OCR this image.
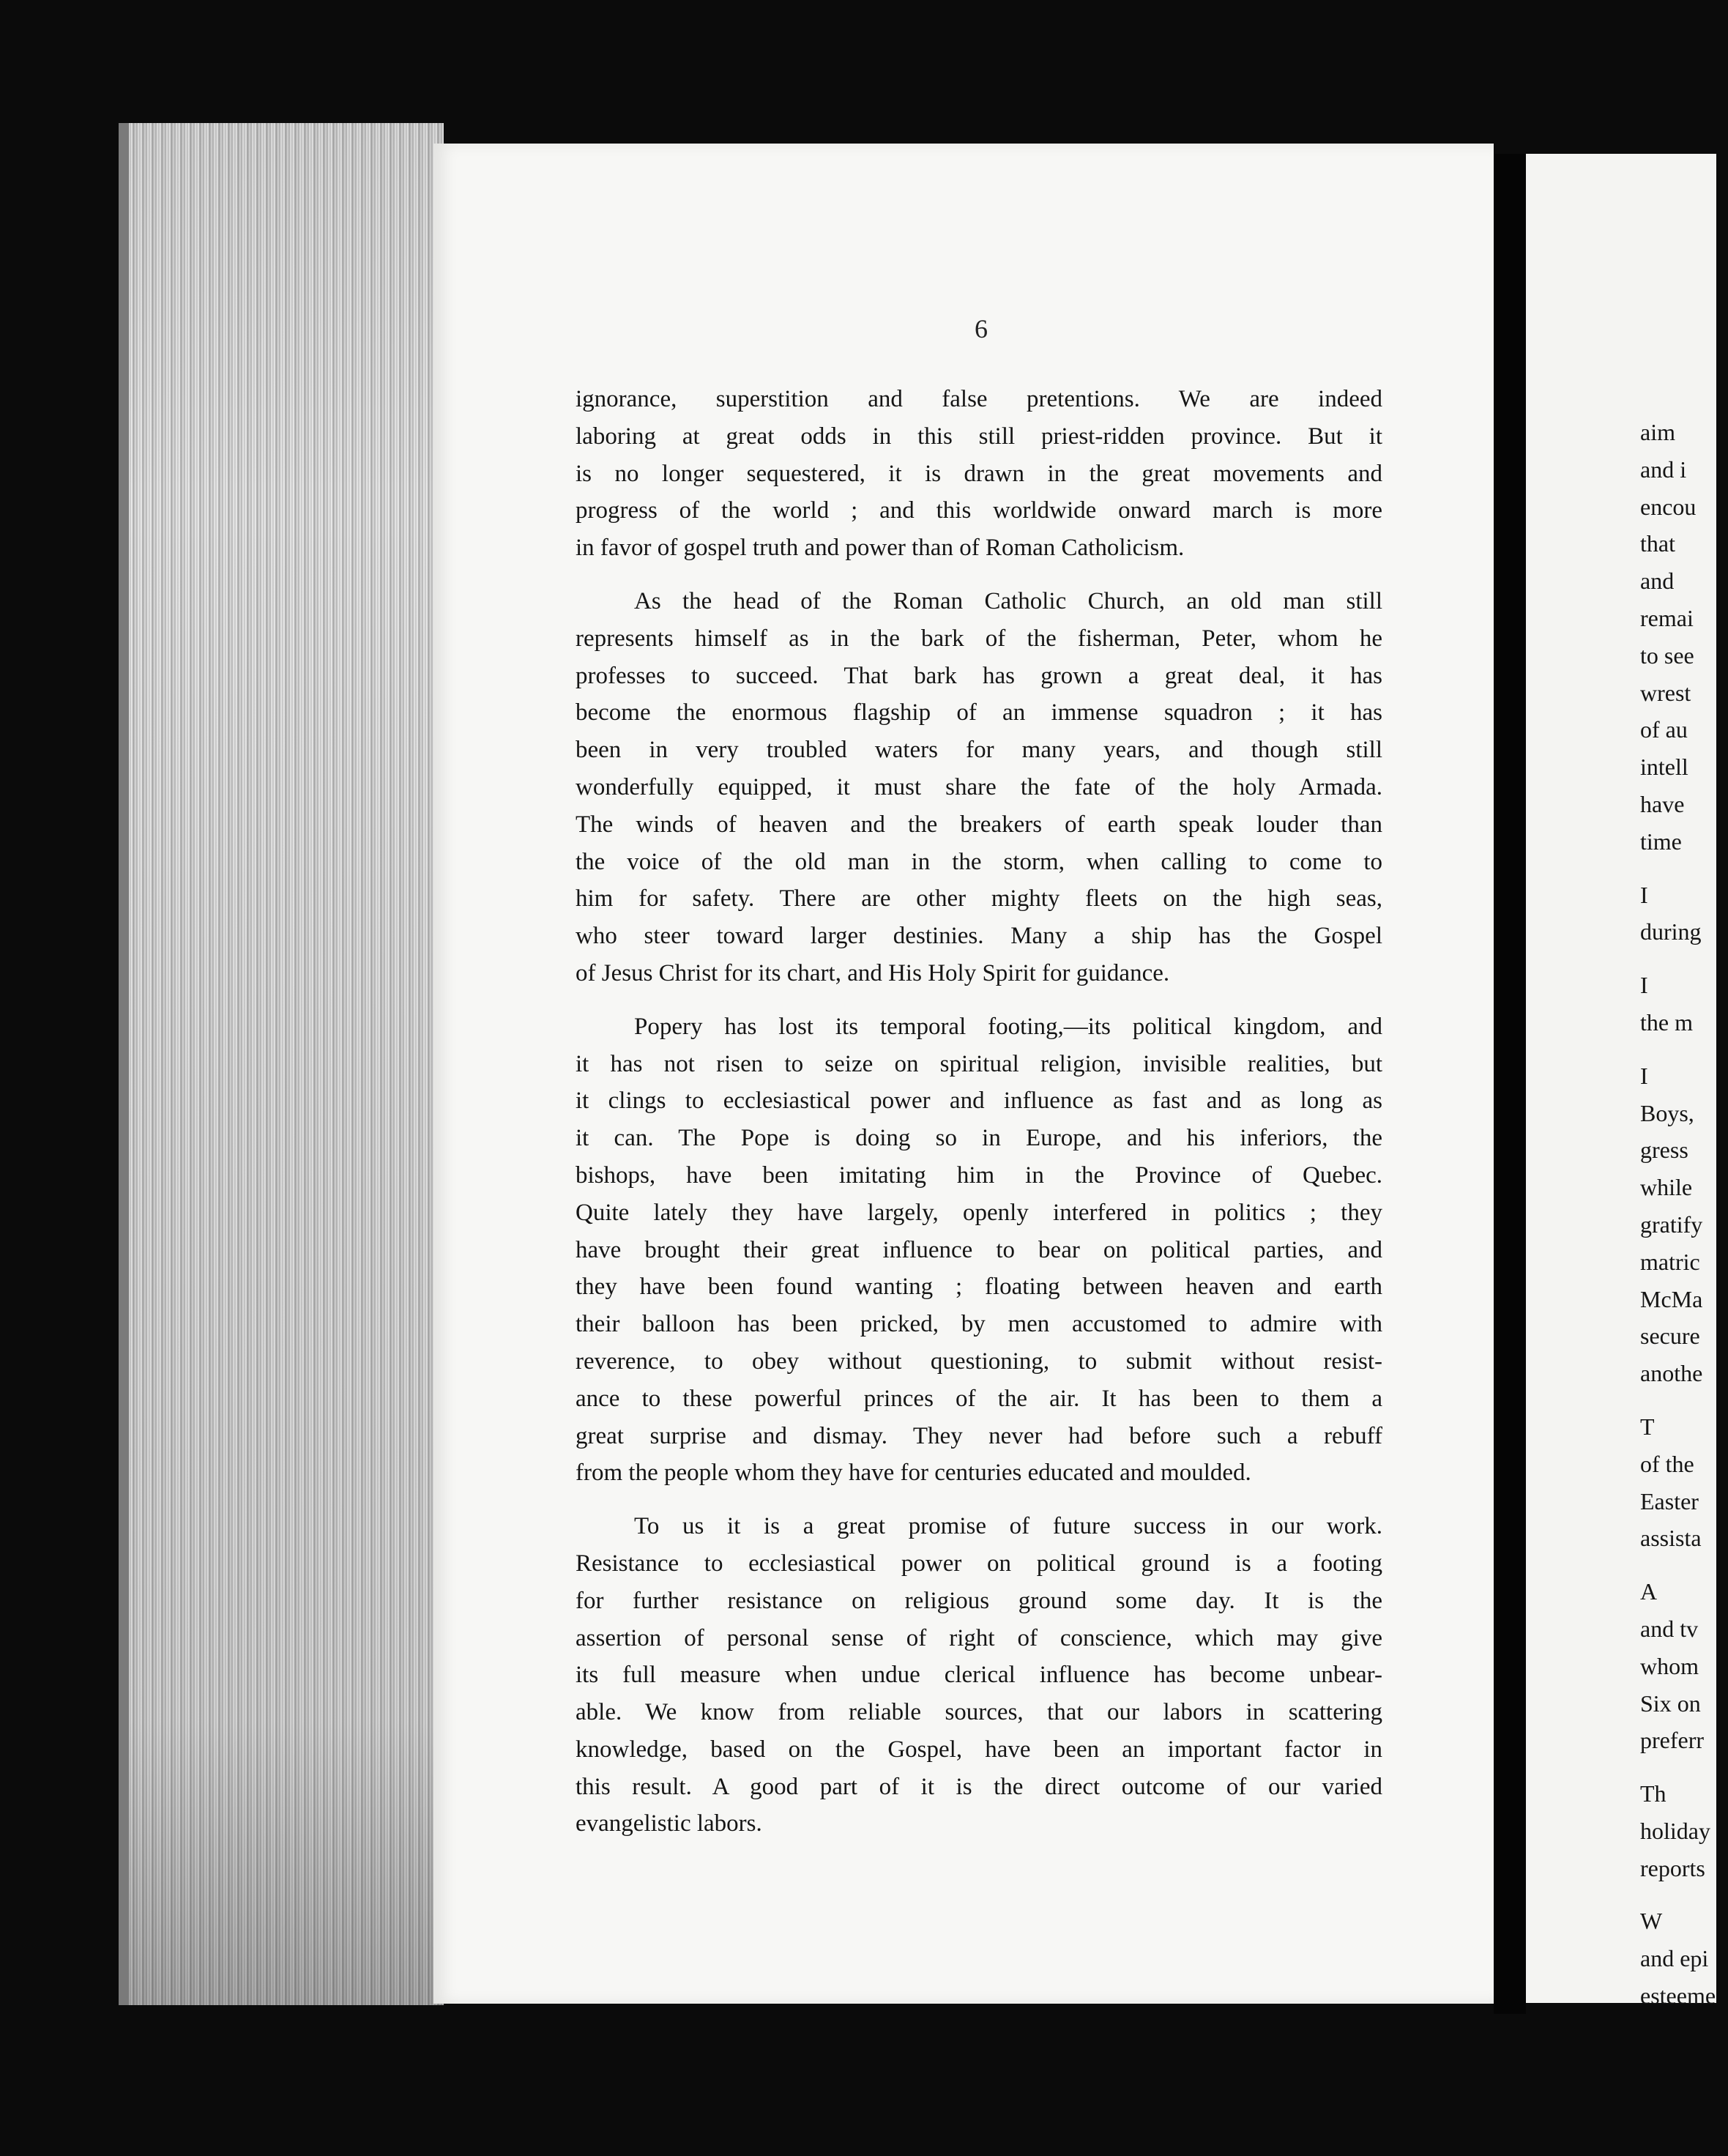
6
ignorance, superstition and false pretentions. We are indeed
laboring at great odds in this still priest-ridden province. But it
is no longer sequestered, it is drawn in the great movements and
progress of the world ; and this worldwide onward march is more
in favor of gospel truth and power than of Roman Catholicism.
As the head of the Roman Catholic Church, an old man still
represents himself as in the bark of the fisherman, Peter, whom he
professes to succeed. That bark has grown a great deal, it has
become the enormous flagship of an immense squadron ; it has
been in very troubled waters for many years, and though still
wonderfully equipped, it must share the fate of the holy Armada.
The winds of heaven and the breakers of earth speak louder than
the voice of the old man in the storm, when calling to come to
him for safety. There are other mighty fleets on the high seas,
who steer toward larger destinies. Many a ship has the Gospel
of Jesus Christ for its chart, and His Holy Spirit for guidance.
Popery has lost its temporal footing,—its political kingdom, and
it has not risen to seize on spiritual religion, invisible realities, but
it clings to ecclesiastical power and influence as fast and as long as
it can. The Pope is doing so in Europe, and his inferiors, the
bishops, have been imitating him in the Province of Quebec.
Quite lately they have largely, openly interfered in politics ; they
have brought their great influence to bear on political parties, and
they have been found wanting ; floating between heaven and earth
their balloon has been pricked, by men accustomed to admire with
reverence, to obey without questioning, to submit without resist-
ance to these powerful princes of the air. It has been to them a
great surprise and dismay. They never had before such a rebuff
from the people whom they have for centuries educated and moulded.
To us it is a great promise of future success in our work.
Resistance to ecclesiastical power on political ground is a footing
for further resistance on religious ground some day. It is the
assertion of personal sense of right of conscience, which may give
its full measure when undue clerical influence has become unbear-
able. We know from reliable sources, that our labors in scattering
knowledge, based on the Gospel, have been an important factor in
this result. A good part of it is the direct outcome of our varied
evangelistic labors.
aim
and i
encou
that
and
remai
to see
wrest
of au
intell
have
time
I
during
I
the m
I
Boys,
gress
while
gratify
matric
McMa
secure
anothe
T
of the
Easter
assista
A
and tv
whom
Six on
preferr
Th
holiday
reports
W
and epi
esteeme
